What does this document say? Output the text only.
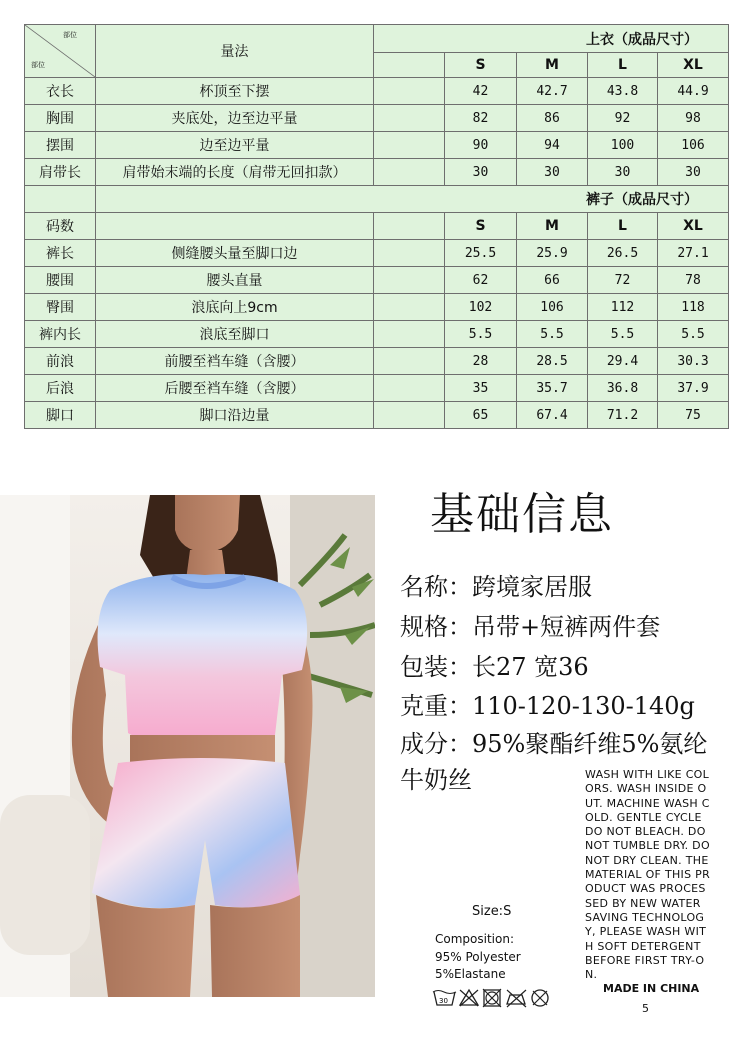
部位
部位	量法		上衣（成品尺寸）			
			S	M	L	XL
衣长	杯顶至下摆		42	42.7	43.8	44.9
胸围	夹底处，边至边平量		82	86	92	98
摆围	边至边平量		90	94	100	106
肩带长	肩带始末端的长度（肩带无回扣款）		30	30	30	30
			裤子（成品尺寸）			
码数			S	M	L	XL
裤长	侧缝腰头量至脚口边		25.5	25.9	26.5	27.1
腰围	腰头直量		62	66	72	78
臀围	浪底向上9cm		102	106	112	118
裤内长	浪底至脚口		5.5	5.5	5.5	5.5
前浪	前腰至裆车缝（含腰）		28	28.5	29.4	30.3
后浪	后腰至裆车缝（含腰）		35	35.7	36.8	37.9
脚口	脚口沿边量		65	67.4	71.2	75
基础信息
名称：跨境家居服
规格：吊带+短裤两件套
包装：长27 宽36
克重：110-120-130-140g
成分：95%聚酯纤维5%氨纶
牛奶丝	WASH WITH LIKE COL
ORS. WASH INSIDE O
UT. MACHINE WASH C
OLD. GENTLE CYCLE
DO NOT BLEACH. DO
NOT TUMBLE DRY. DO
NOT DRY CLEAN. THE
MATERIAL OF THIS PR
ODUCT WAS PROCES
SED BY NEW WATER
SAVING TECHNOLOG
Y, PLEASE WASH WIT
H SOFT DETERGENT
BEFORE FIRST TRY-O
N.
Size:S
Composition:
95% Polyester
5%Elastane
MADE IN CHINA
5
30
